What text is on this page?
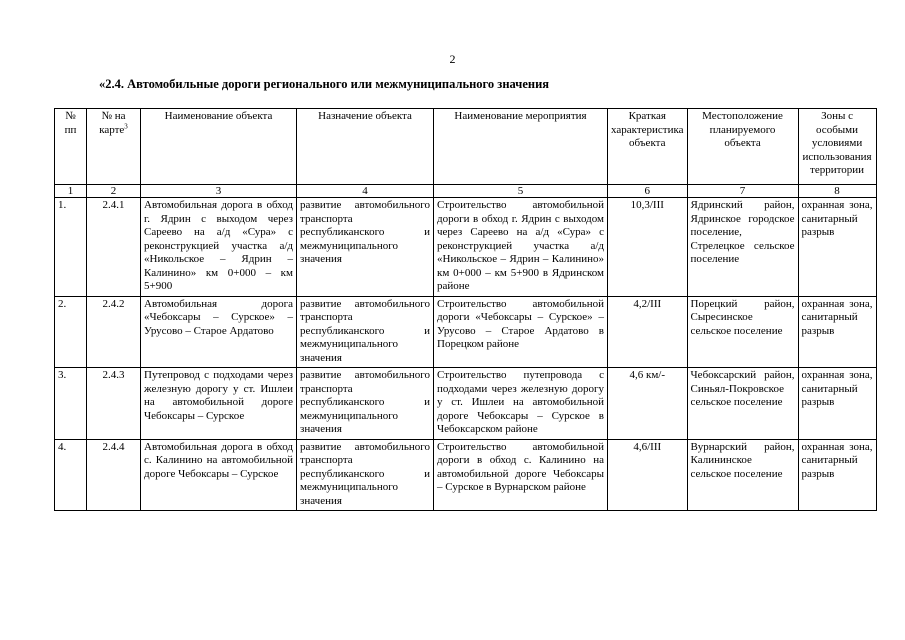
2
«2.4. Автомобильные дороги регионального или межмуниципального значения
№ пп	№ на карте$^3$	Наименование объекта	Назначение объекта	Наименование мероприятия	Краткая характеристика объекта	Местоположение планируемого объекта	Зоны с особыми условиями использования территории
1	2	3	4	5	6	7	8
1.	2.4.1	Автомобильная дорога в обход г. Ядрин с выходом через Сареево на а/д «Сура» с реконструкцией участка а/д «Никольское – Ядрин – Калинино» км 0+000 – км 5+900	развитие автомобильного транспорта республиканского и межмуниципального значения	Строительство автомобильной дороги в обход г. Ядрин с выходом через Сареево на а/д «Сура» с реконструкцией участка а/д «Никольское – Ядрин – Калинино» км 0+000 – км 5+900 в Ядринском районе	10,3/III	Ядринский район, Ядринское городское поселение, Стрелецкое сельское поселение	охранная зона, санитарный разрыв
2.	2.4.2	Автомобильная дорога «Чебоксары – Сурское» – Урусово – Старое Ардатово	развитие автомобильного транспорта республиканского и межмуниципального значения	Строительство автомобильной дороги «Чебоксары – Сурское» – Урусово – Старое Ардатово в Порецком районе	4,2/III	Порецкий район, Сыресинское сельское поселение	охранная зона, санитарный разрыв
3.	2.4.3	Путепровод с подходами через железную дорогу у ст. Ишлеи на автомобильной дороге Чебоксары – Сурское	развитие автомобильного транспорта республиканского и межмуниципального значения	Строительство путепровода с подходами через железную дорогу у ст. Ишлеи на автомобильной дороге Чебоксары – Сурское в Чебоксарском районе	4,6 км/-	Чебоксарский район, Синьял-Покровское сельское поселение	охранная зона, санитарный разрыв
4.	2.4.4	Автомобильная дорога в обход с. Калинино на автомобильной дороге Чебоксары – Сурское	развитие автомобильного транспорта республиканского и межмуниципального значения	Строительство автомобильной дороги в обход с. Калинино на автомобильной дороге Чебоксары – Сурское в Вурнарском районе	4,6/III	Вурнарский район, Калининское сельское поселение	охранная зона, санитарный разрыв
